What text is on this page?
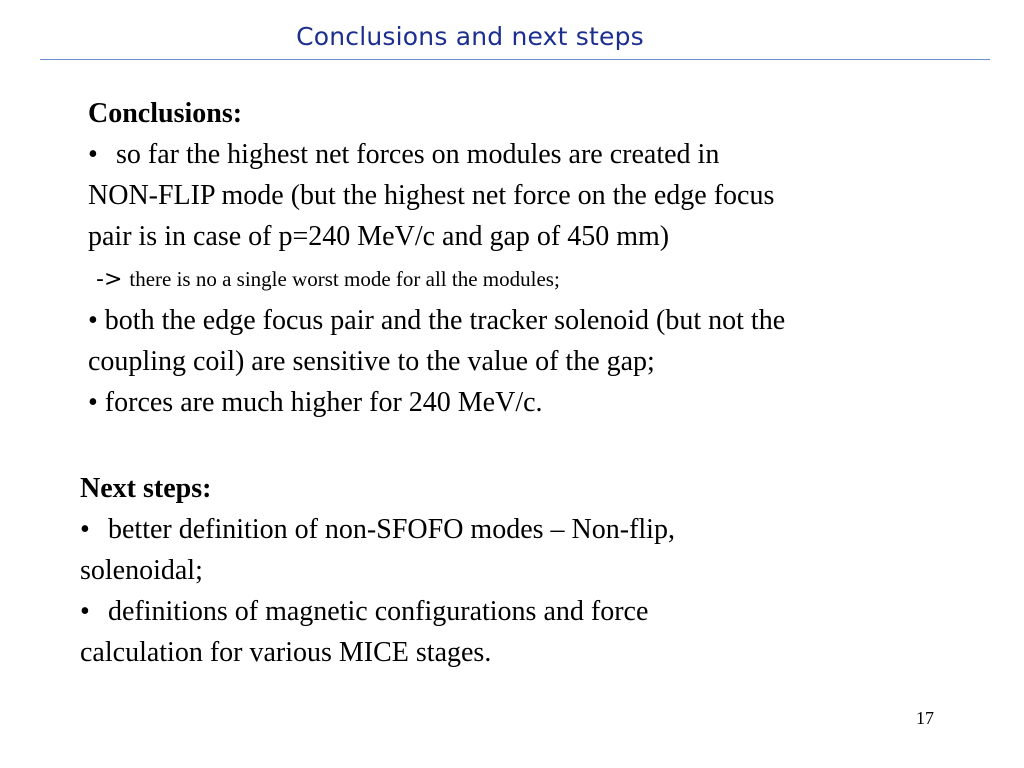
Conclusions and next steps
Conclusions:
• so far the highest net forces on modules are created in
NON-FLIP mode (but the highest net force on the edge focus
pair is in case of p=240 MeV/c and gap of 450 mm)
-> there is no a single worst mode for all the modules;
• both the edge focus pair and the tracker solenoid (but not the
coupling coil) are sensitive to the value of the gap;
• forces are much higher for 240 MeV/c.
Next steps:
• better definition of non-SFOFO modes – Non-flip,
solenoidal;
• definitions of magnetic configurations and force
calculation for various MICE stages.
17
